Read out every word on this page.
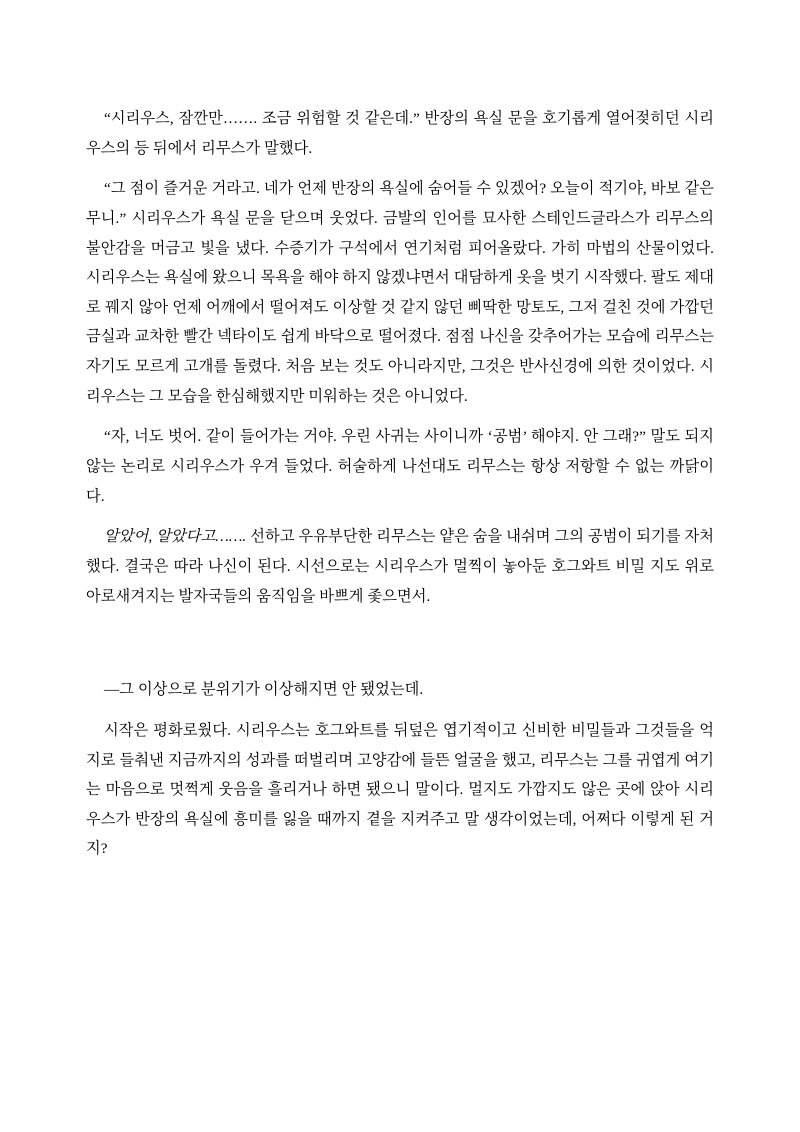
“시리우스, 잠깐만……. 조금 위험할 것 같은데.” 반장의 욕실 문을 호기롭게 열어젖히던 시리우스의 등 뒤에서 리무스가 말했다.

“그 점이 즐거운 거라고. 네가 언제 반장의 욕실에 숨어들 수 있겠어? 오늘이 적기야, 바보 같은 무니.” 시리우스가 욕실 문을 닫으며 웃었다. 금발의 인어를 묘사한 스테인드글라스가 리무스의 불안감을 머금고 빛을 냈다. 수증기가 구석에서 연기처럼 피어올랐다. 가히 마법의 산물이었다. 시리우스는 욕실에 왔으니 목욕을 해야 하지 않겠냐면서 대담하게 옷을 벗기 시작했다. 팔도 제대로 꿰지 않아 언제 어깨에서 떨어져도 이상할 것 같지 않던 삐딱한 망토도, 그저 걸친 것에 가깝던 금실과 교차한 빨간 넥타이도 쉽게 바닥으로 떨어졌다. 점점 나신을 갖추어가는 모습에 리무스는 자기도 모르게 고개를 돌렸다. 처음 보는 것도 아니라지만, 그것은 반사신경에 의한 것이었다. 시리우스는 그 모습을 한심해했지만 미워하는 것은 아니었다.

“자, 너도 벗어. 같이 들어가는 거야. 우린 사귀는 사이니까 ‘공범’ 해야지. 안 그래?” 말도 되지 않는 논리로 시리우스가 우겨 들었다. 허술하게 나선대도 리무스는 항상 저항할 수 없는 까닭이다.

알았어, 알았다고……. 선하고 우유부단한 리무스는 얕은 숨을 내쉬며 그의 공범이 되기를 자처했다. 결국은 따라 나신이 된다. 시선으로는 시리우스가 멀찍이 놓아둔 호그와트 비밀 지도 위로 아로새겨지는 발자국들의 움직임을 바쁘게 좇으면서.

―그 이상으로 분위기가 이상해지면 안 됐었는데.

시작은 평화로웠다. 시리우스는 호그와트를 뒤덮은 엽기적이고 신비한 비밀들과 그것들을 억지로 들춰낸 지금까지의 성과를 떠벌리며 고양감에 들뜬 얼굴을 했고, 리무스는 그를 귀엽게 여기는 마음으로 멋쩍게 웃음을 흘리거나 하면 됐으니 말이다. 멀지도 가깝지도 않은 곳에 앉아 시리우스가 반장의 욕실에 흥미를 잃을 때까지 곁을 지켜주고 말 생각이었는데, 어쩌다 이렇게 된 거지?
